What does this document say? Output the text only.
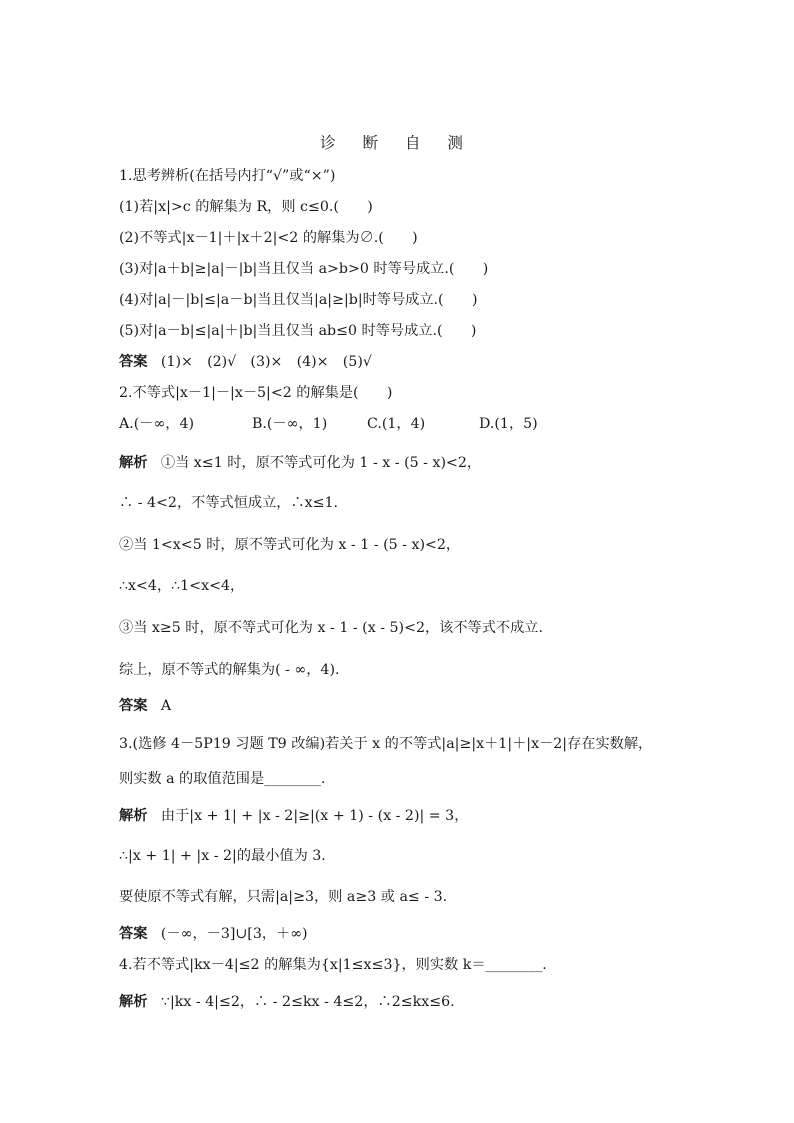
诊 断 自 测
1.思考辨析(在括号内打“√”或“×”)
(1)若|x|>c 的解集为 R，则 c≤0.(　　)
(2)不等式|x－1|＋|x＋2|<2 的解集为∅.(　　)
(3)对|a＋b|≥|a|－|b|当且仅当 a>b>0 时等号成立.(　　)
(4)对|a|－|b|≤|a－b|当且仅当|a|≥|b|时等号成立.(　　)
(5)对|a－b|≤|a|＋|b|当且仅当 ab≤0 时等号成立.(　　)
答案 (1)×　(2)√　(3)×　(4)×　(5)√
2.不等式|x－1|－|x－5|<2 的解集是(　　)
A.(－∞，4)	B.(－∞，1)	C.(1，4)	D.(1，5)
解析 ①当 x≤1 时，原不等式可化为 1 - x - (5 - x)<2，
∴ - 4<2，不等式恒成立，∴x≤1.
②当 1<x<5 时，原不等式可化为 x - 1 - (5 - x)<2，
∴x<4，∴1<x<4，
③当 x≥5 时，原不等式可化为 x - 1 - (x - 5)<2，该不等式不成立.
综上，原不等式的解集为( - ∞，4).
答案 A
3.(选修 4－5P19 习题 T9 改编)若关于 x 的不等式|a|≥|x＋1|＋|x－2|存在实数解，
则实数 a 的取值范围是________.
解析 由于|x + 1| + |x - 2|≥|(x + 1) - (x - 2)| = 3，
∴|x + 1| + |x - 2|的最小值为 3.
要使原不等式有解，只需|a|≥3，则 a≥3 或 a≤ - 3.
答案 (－∞，－3]∪[3，＋∞)
4.若不等式|kx－4|≤2 的解集为{x|1≤x≤3}，则实数 k＝________.
解析 ∵|kx - 4|≤2，∴ - 2≤kx - 4≤2，∴2≤kx≤6.
